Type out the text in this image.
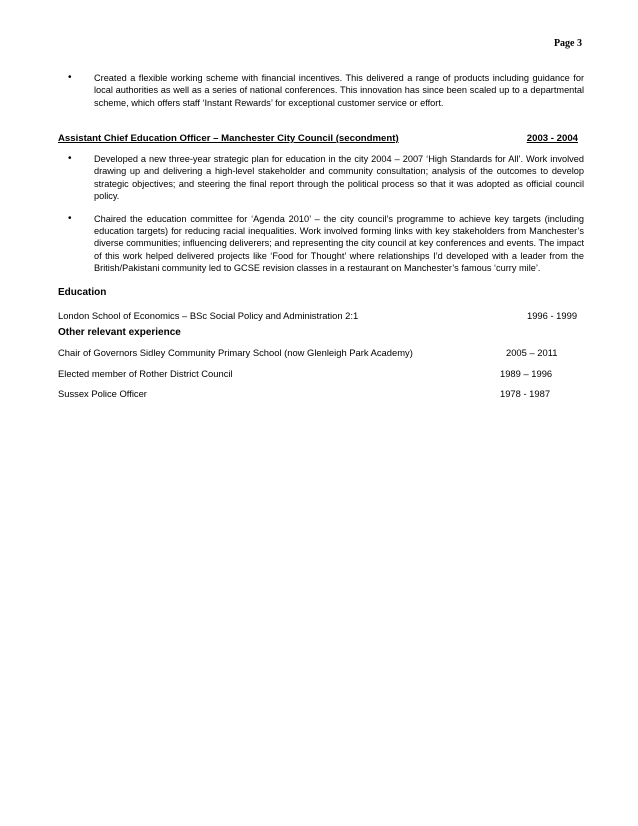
Page 3
• Created a flexible working scheme with financial incentives. This delivered a range of products including guidance for local authorities as well as a series of national conferences. This innovation has since been scaled up to a departmental scheme, which offers staff ‘Instant Rewards’ for exceptional customer service or effort.
Assistant Chief Education Officer – Manchester City Council (secondment)	2003 - 2004
• Developed a new three-year strategic plan for education in the city 2004 – 2007 ‘High Standards for All’. Work involved drawing up and delivering a high-level stakeholder and community consultation; analysis of the outcomes to develop strategic objectives; and steering the final report through the political process so that it was adopted as official council policy.
• Chaired the education committee for ‘Agenda 2010’ – the city council’s programme to achieve key targets (including education targets) for reducing racial inequalities. Work involved forming links with key stakeholders from Manchester’s diverse communities; influencing deliverers; and representing the city council at key conferences and events. The impact of this work helped delivered projects like ‘Food for Thought’ where relationships I’d developed with a leader from the British/Pakistani community led to GCSE revision classes in a restaurant on Manchester’s famous ‘curry mile’.
Education
London School of Economics – BSc Social Policy and Administration 2:1	1996 - 1999
Other relevant experience
Chair of Governors Sidley Community Primary School (now Glenleigh Park Academy)	2005 – 2011
Elected member of Rother District Council	1989 – 1996
Sussex Police Officer	1978 - 1987
